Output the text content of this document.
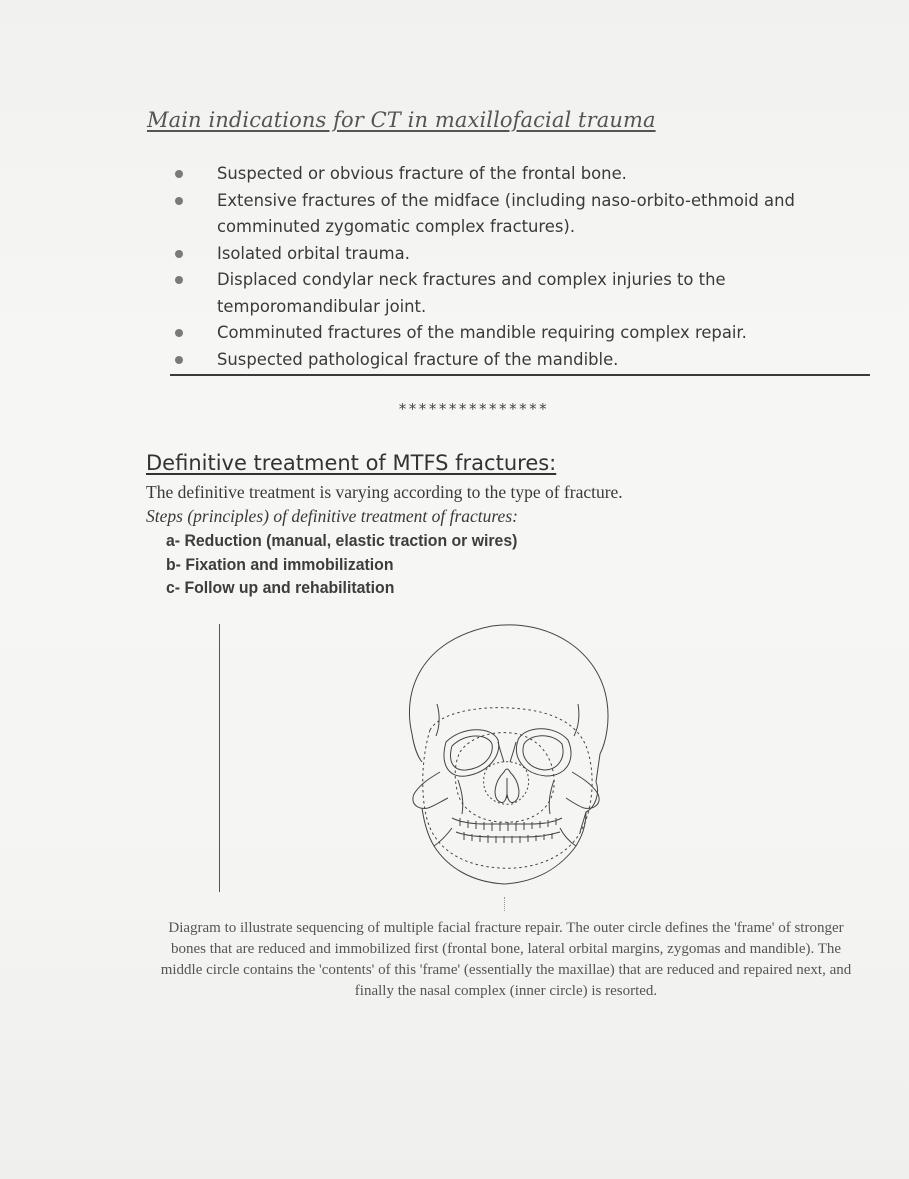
Main indications for CT in maxillofacial trauma
Suspected or obvious fracture of the frontal bone.
Extensive fractures of the midface (including naso-orbito-ethmoid and comminuted zygomatic complex fractures).
Isolated orbital trauma.
Displaced condylar neck fractures and complex injuries to the temporomandibular joint.
Comminuted fractures of the mandible requiring complex repair.
Suspected pathological fracture of the mandible.
***************
Definitive treatment of MTFS fractures:

The definitive treatment is varying according to the type of fracture.

Steps (principles) of definitive treatment of fractures:

a- Reduction (manual, elastic traction or wires)
b- Fixation and immobilization
c- Follow up and rehabilitation

Diagram to illustrate sequencing of multiple facial fracture repair. The outer circle defines the 'frame' of stronger bones that are reduced and immobilized first (frontal bone, lateral orbital margins, zygomas and mandible). The middle circle contains the 'contents' of this 'frame' (essentially the maxillae) that are reduced and repaired next, and finally the nasal complex (inner circle) is resorted.
